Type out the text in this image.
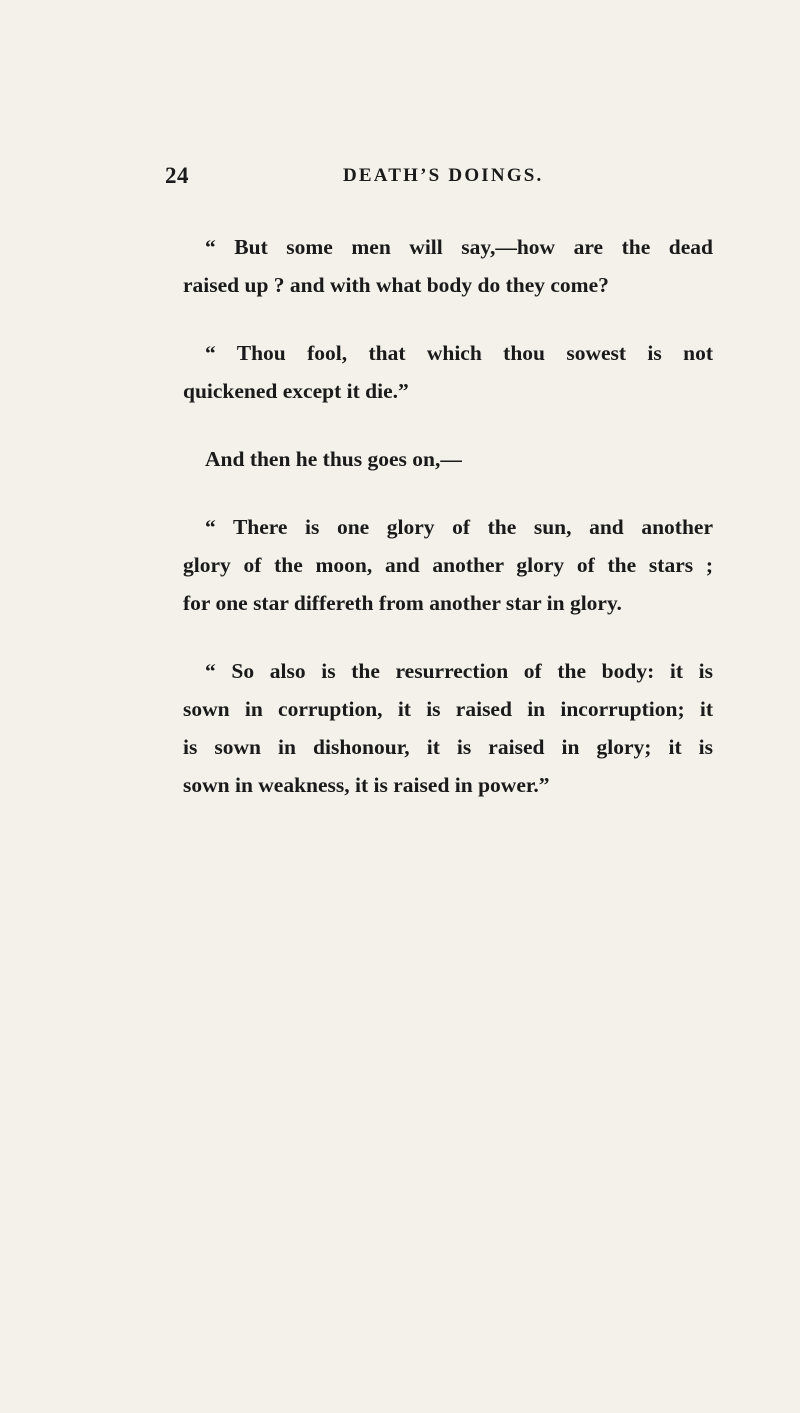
24	DEATH’S DOINGS.

“ But some men will say,—how are the dead
raised up ? and with what body do they come?

“ Thou fool, that which thou sowest is not
quickened except it die.”

And then he thus goes on,—

“ There is one glory of the sun, and another
glory of the moon, and another glory of the stars ;
for one star differeth from another star in glory.

“ So also is the resurrection of the body: it is
sown in corruption, it is raised in incorruption; it
is sown in dishonour, it is raised in glory; it is
sown in weakness, it is raised in power.”
